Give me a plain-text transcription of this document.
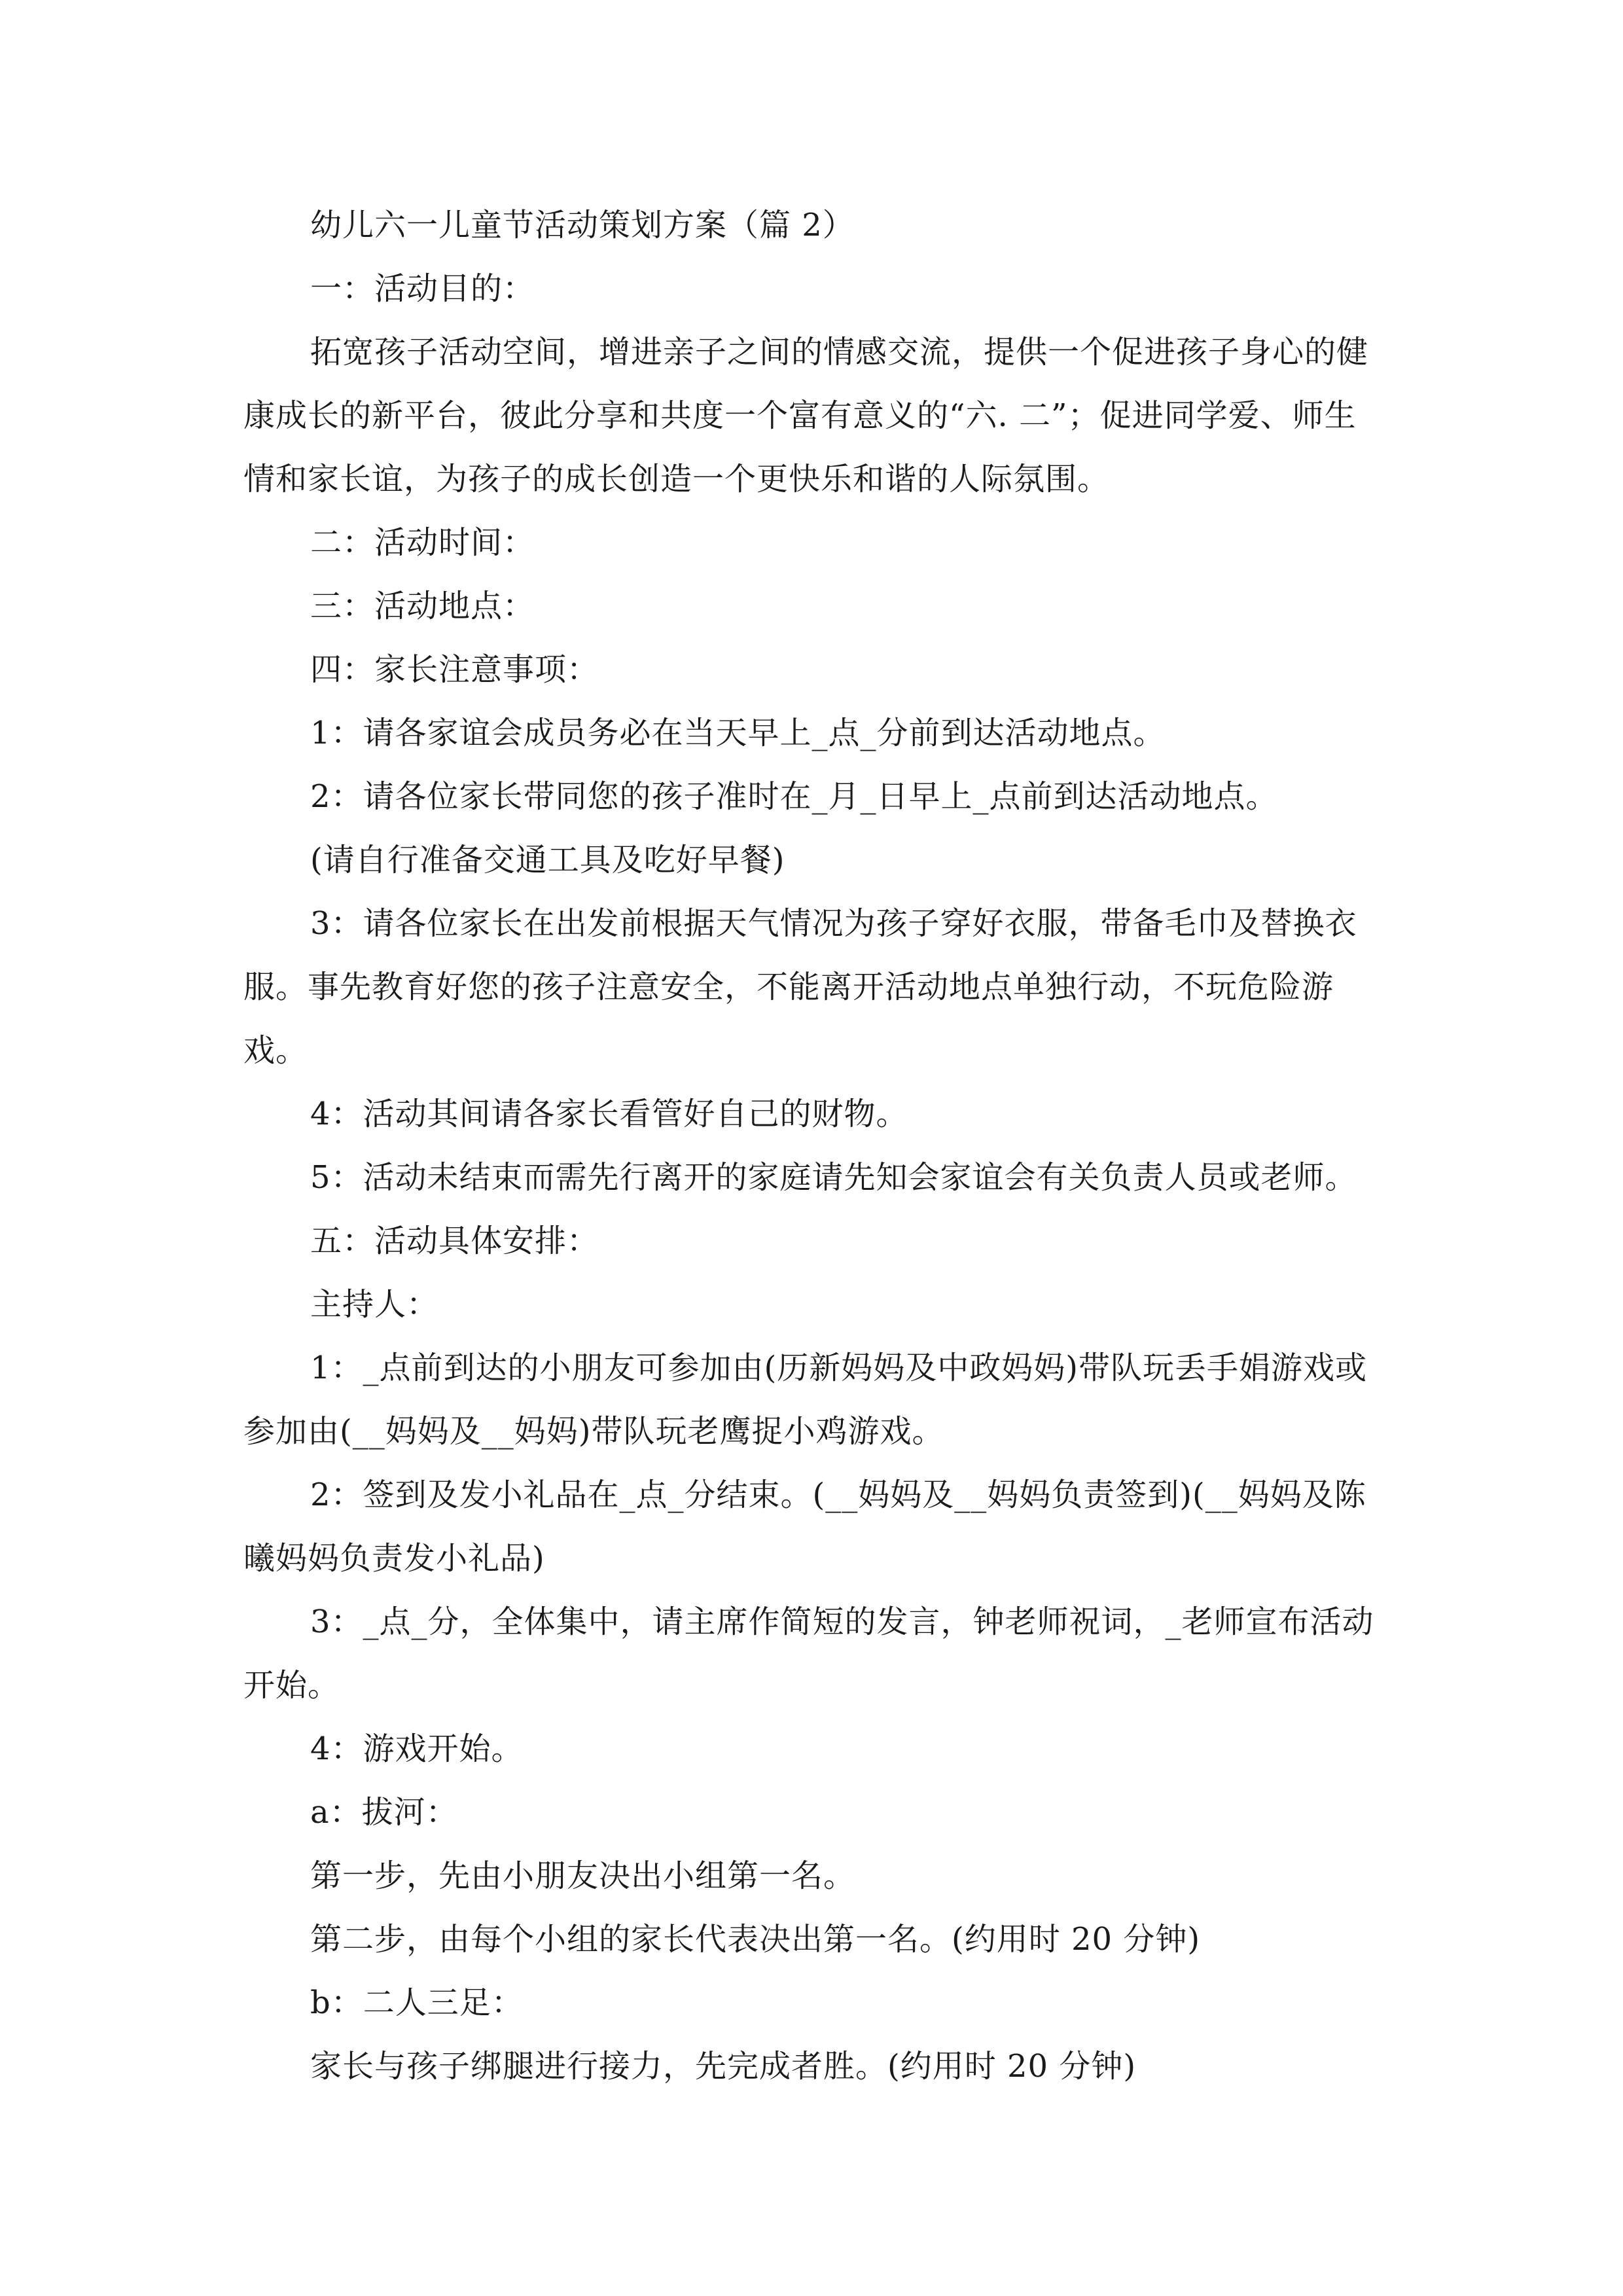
幼儿六一儿童节活动策划方案（篇 2）

一：活动目的：

拓宽孩子活动空间，增进亲子之间的情感交流，提供一个促进孩子身心的健康成长的新平台，彼此分享和共度一个富有意义的“六. 二”；促进同学爱、师生情和家长谊，为孩子的成长创造一个更快乐和谐的人际氛围。

二：活动时间：

三：活动地点：

四：家长注意事项：

1：请各家谊会成员务必在当天早上_点_分前到达活动地点。

2：请各位家长带同您的孩子准时在_月_日早上_点前到达活动地点。

(请自行准备交通工具及吃好早餐)

3：请各位家长在出发前根据天气情况为孩子穿好衣服，带备毛巾及替换衣服。事先教育好您的孩子注意安全，不能离开活动地点单独行动，不玩危险游戏。

4：活动其间请各家长看管好自己的财物。

5：活动未结束而需先行离开的家庭请先知会家谊会有关负责人员或老师。

五：活动具体安排：

主持人：

1：_点前到达的小朋友可参加由(历新妈妈及中政妈妈)带队玩丢手娟游戏或参加由(__妈妈及__妈妈)带队玩老鹰捉小鸡游戏。

2：签到及发小礼品在_点_分结束。(__妈妈及__妈妈负责签到)(__妈妈及陈曦妈妈负责发小礼品)

3：_点_分，全体集中，请主席作简短的发言，钟老师祝词，_老师宣布活动开始。

4：游戏开始。

a：拔河：

第一步，先由小朋友决出小组第一名。

第二步，由每个小组的家长代表决出第一名。(约用时 20 分钟)

b：二人三足：

家长与孩子绑腿进行接力，先完成者胜。(约用时 20 分钟)
